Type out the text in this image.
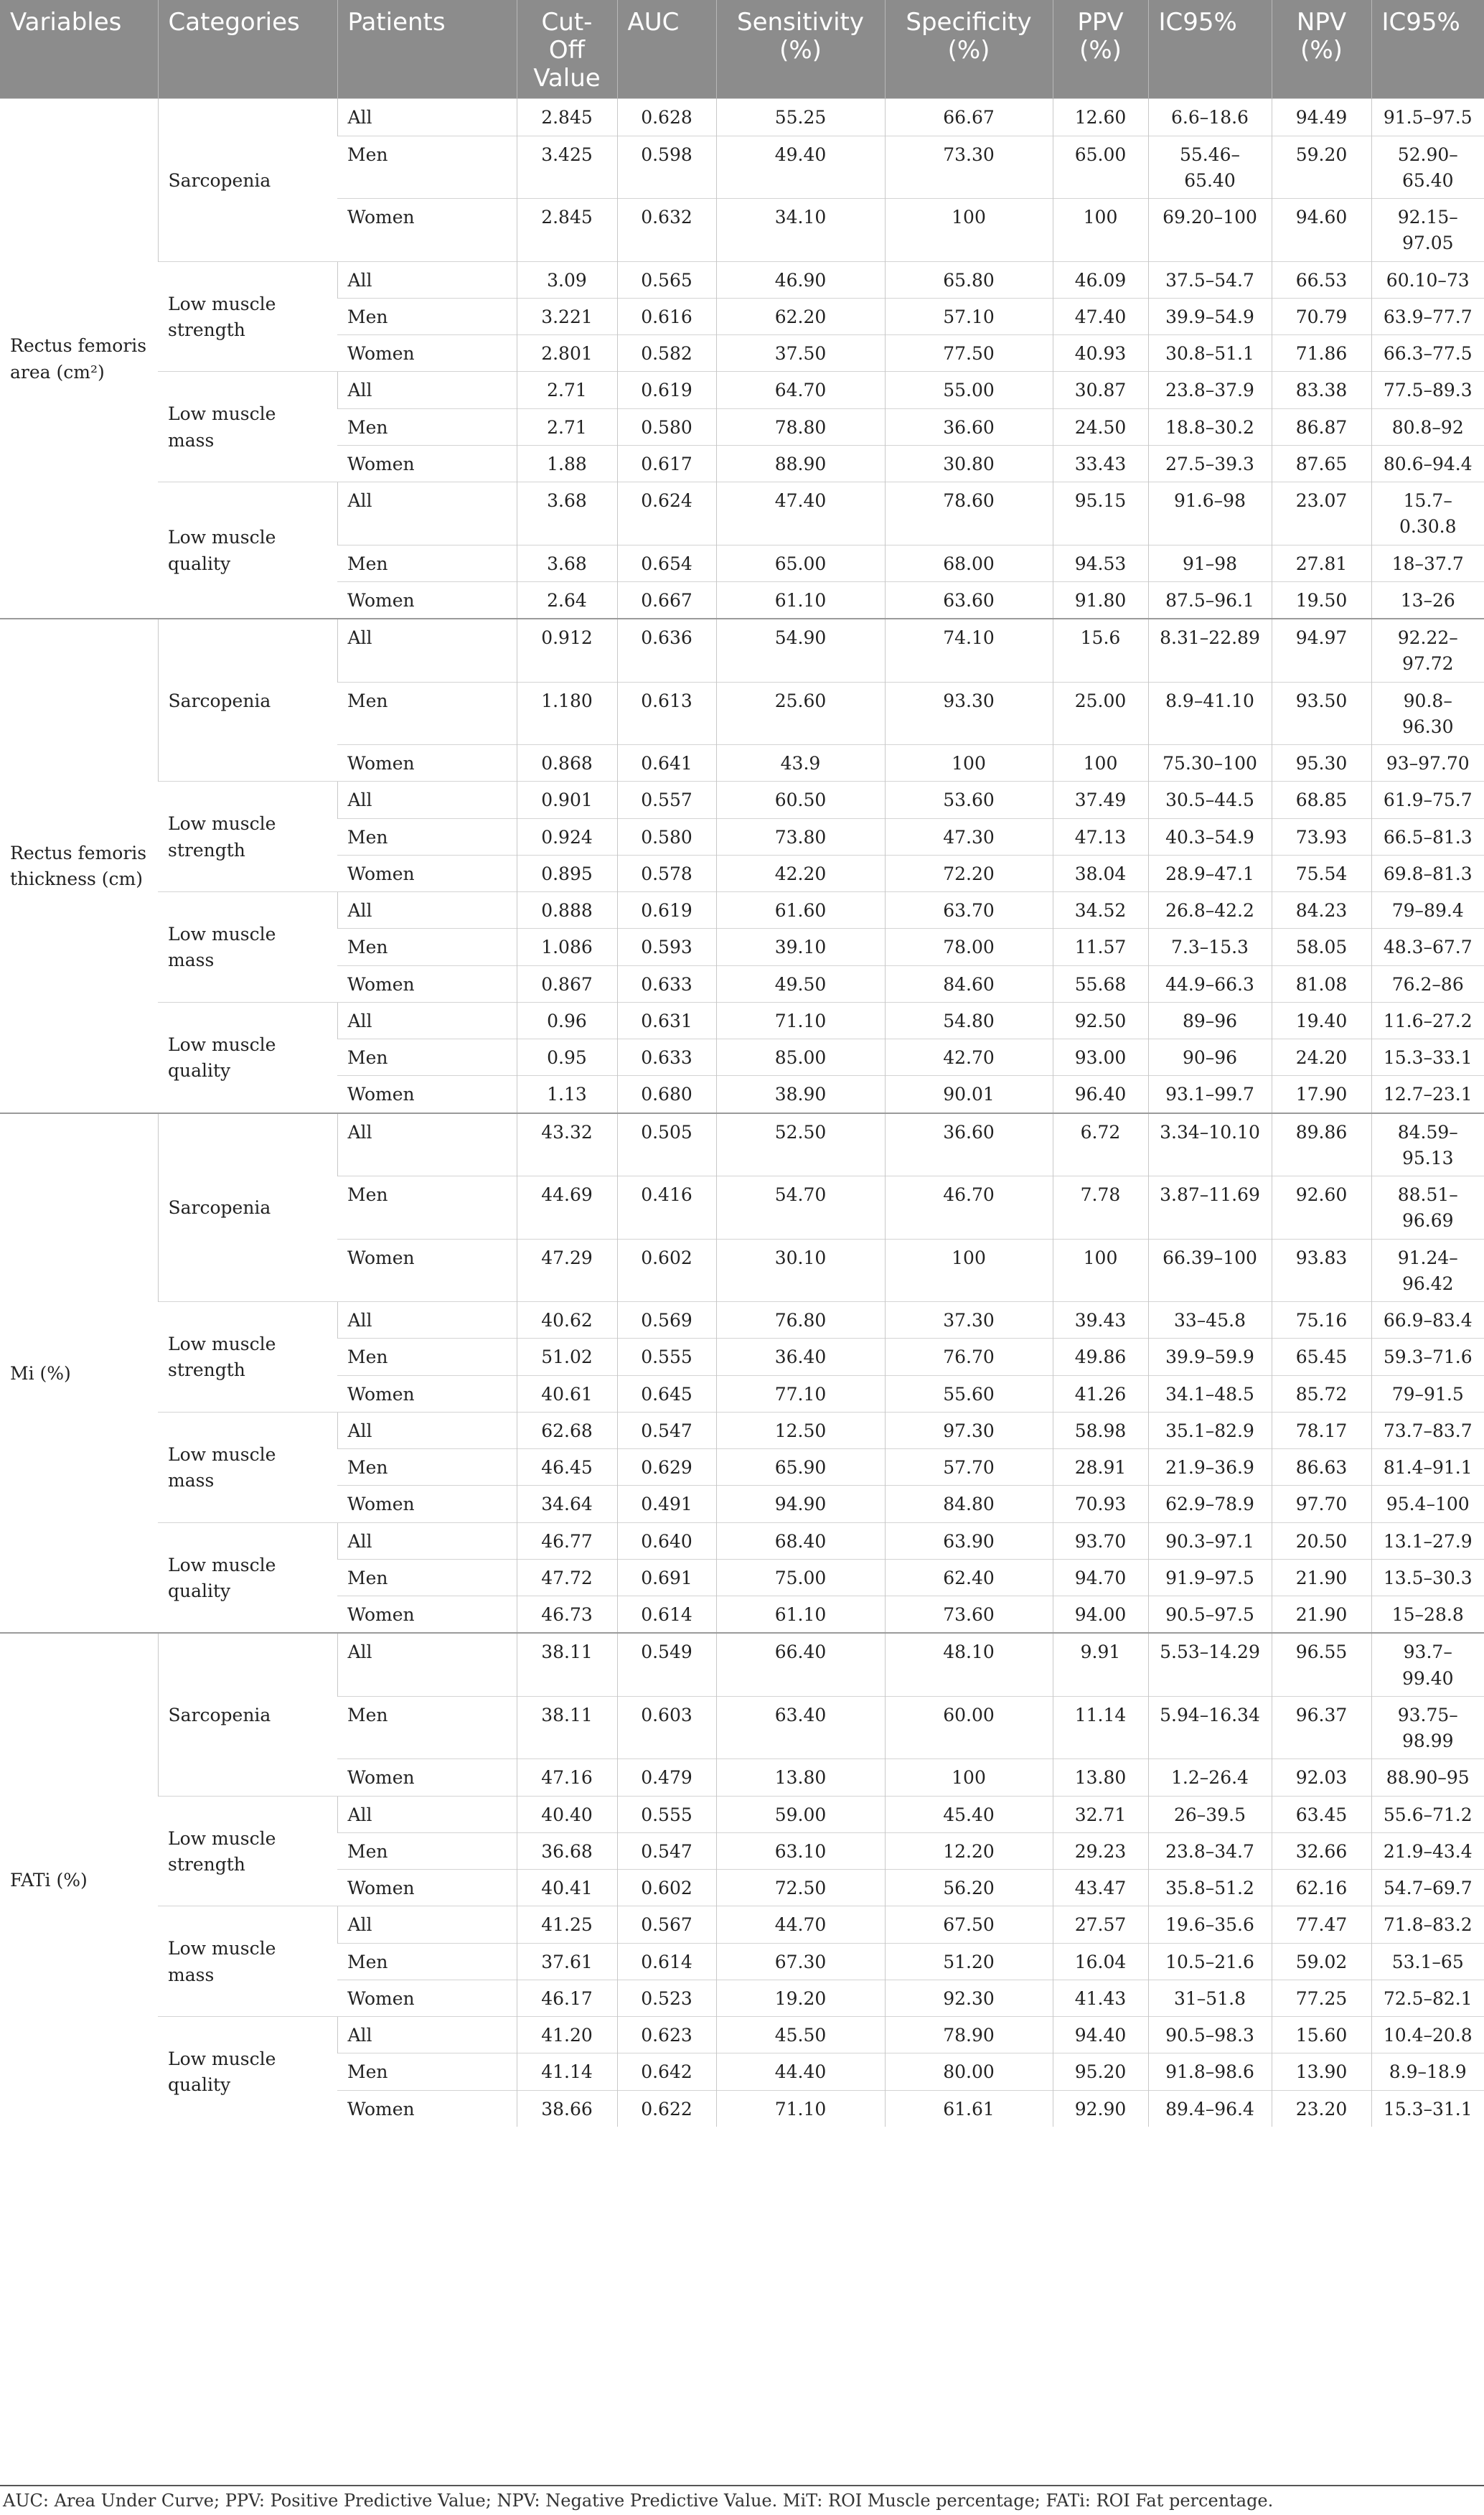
Variables	Categories	Patients	Cut-Off Value	AUC	Sensitivity (%)	Specificity (%)	PPV (%)	IC95%	NPV (%)	IC95%
Rectus femoris area (cm²)	Sarcopenia	All	2.845	0.628	55.25	66.67	12.60	6.6–18.6	94.49	91.5–97.5
		Men	3.425	0.598	49.40	73.30	65.00	55.46–65.40	59.20	52.90–65.40
		Women	2.845	0.632	34.10	100	100	69.20–100	94.60	92.15–97.05
	Low muscle strength	All	3.09	0.565	46.90	65.80	46.09	37.5–54.7	66.53	60.10–73
		Men	3.221	0.616	62.20	57.10	47.40	39.9–54.9	70.79	63.9–77.7
		Women	2.801	0.582	37.50	77.50	40.93	30.8–51.1	71.86	66.3–77.5
	Low muscle mass	All	2.71	0.619	64.70	55.00	30.87	23.8–37.9	83.38	77.5–89.3
		Men	2.71	0.580	78.80	36.60	24.50	18.8–30.2	86.87	80.8–92
		Women	1.88	0.617	88.90	30.80	33.43	27.5–39.3	87.65	80.6–94.4
	Low muscle quality	All	3.68	0.624	47.40	78.60	95.15	91.6–98	23.07	15.7–0.30.8
		Men	3.68	0.654	65.00	68.00	94.53	91–98	27.81	18–37.7
		Women	2.64	0.667	61.10	63.60	91.80	87.5–96.1	19.50	13–26
Rectus femoris thickness (cm)	Sarcopenia	All	0.912	0.636	54.90	74.10	15.6	8.31–22.89	94.97	92.22–97.72
		Men	1.180	0.613	25.60	93.30	25.00	8.9–41.10	93.50	90.8–96.30
		Women	0.868	0.641	43.9	100	100	75.30–100	95.30	93–97.70
	Low muscle strength	All	0.901	0.557	60.50	53.60	37.49	30.5–44.5	68.85	61.9–75.7
		Men	0.924	0.580	73.80	47.30	47.13	40.3–54.9	73.93	66.5–81.3
		Women	0.895	0.578	42.20	72.20	38.04	28.9–47.1	75.54	69.8–81.3
	Low muscle mass	All	0.888	0.619	61.60	63.70	34.52	26.8–42.2	84.23	79–89.4
		Men	1.086	0.593	39.10	78.00	11.57	7.3–15.3	58.05	48.3–67.7
		Women	0.867	0.633	49.50	84.60	55.68	44.9–66.3	81.08	76.2–86
	Low muscle quality	All	0.96	0.631	71.10	54.80	92.50	89–96	19.40	11.6–27.2
		Men	0.95	0.633	85.00	42.70	93.00	90–96	24.20	15.3–33.1
		Women	1.13	0.680	38.90	90.01	96.40	93.1–99.7	17.90	12.7–23.1
Mi (%)	Sarcopenia	All	43.32	0.505	52.50	36.60	6.72	3.34–10.10	89.86	84.59–95.13
		Men	44.69	0.416	54.70	46.70	7.78	3.87–11.69	92.60	88.51–96.69
		Women	47.29	0.602	30.10	100	100	66.39–100	93.83	91.24–96.42
	Low muscle strength	All	40.62	0.569	76.80	37.30	39.43	33–45.8	75.16	66.9–83.4
		Men	51.02	0.555	36.40	76.70	49.86	39.9–59.9	65.45	59.3–71.6
		Women	40.61	0.645	77.10	55.60	41.26	34.1–48.5	85.72	79–91.5
	Low muscle mass	All	62.68	0.547	12.50	97.30	58.98	35.1–82.9	78.17	73.7–83.7
		Men	46.45	0.629	65.90	57.70	28.91	21.9–36.9	86.63	81.4–91.1
		Women	34.64	0.491	94.90	84.80	70.93	62.9–78.9	97.70	95.4–100
	Low muscle quality	All	46.77	0.640	68.40	63.90	93.70	90.3–97.1	20.50	13.1–27.9
		Men	47.72	0.691	75.00	62.40	94.70	91.9–97.5	21.90	13.5–30.3
		Women	46.73	0.614	61.10	73.60	94.00	90.5–97.5	21.90	15–28.8
FATi (%)	Sarcopenia	All	38.11	0.549	66.40	48.10	9.91	5.53–14.29	96.55	93.7–99.40
		Men	38.11	0.603	63.40	60.00	11.14	5.94–16.34	96.37	93.75–98.99
		Women	47.16	0.479	13.80	100	13.80	1.2–26.4	92.03	88.90–95
	Low muscle strength	All	40.40	0.555	59.00	45.40	32.71	26–39.5	63.45	55.6–71.2
		Men	36.68	0.547	63.10	12.20	29.23	23.8–34.7	32.66	21.9–43.4
		Women	40.41	0.602	72.50	56.20	43.47	35.8–51.2	62.16	54.7–69.7
	Low muscle mass	All	41.25	0.567	44.70	67.50	27.57	19.6–35.6	77.47	71.8–83.2
		Men	37.61	0.614	67.30	51.20	16.04	10.5–21.6	59.02	53.1–65
		Women	46.17	0.523	19.20	92.30	41.43	31–51.8	77.25	72.5–82.1
	Low muscle quality	All	41.20	0.623	45.50	78.90	94.40	90.5–98.3	15.60	10.4–20.8
		Men	41.14	0.642	44.40	80.00	95.20	91.8–98.6	13.90	8.9–18.9
		Women	38.66	0.622	71.10	61.61	92.90	89.4–96.4	23.20	15.3–31.1
AUC: Area Under Curve; PPV: Positive Predictive Value; NPV: Negative Predictive Value. MiT: ROI Muscle percentage; FATi: ROI Fat percentage.
